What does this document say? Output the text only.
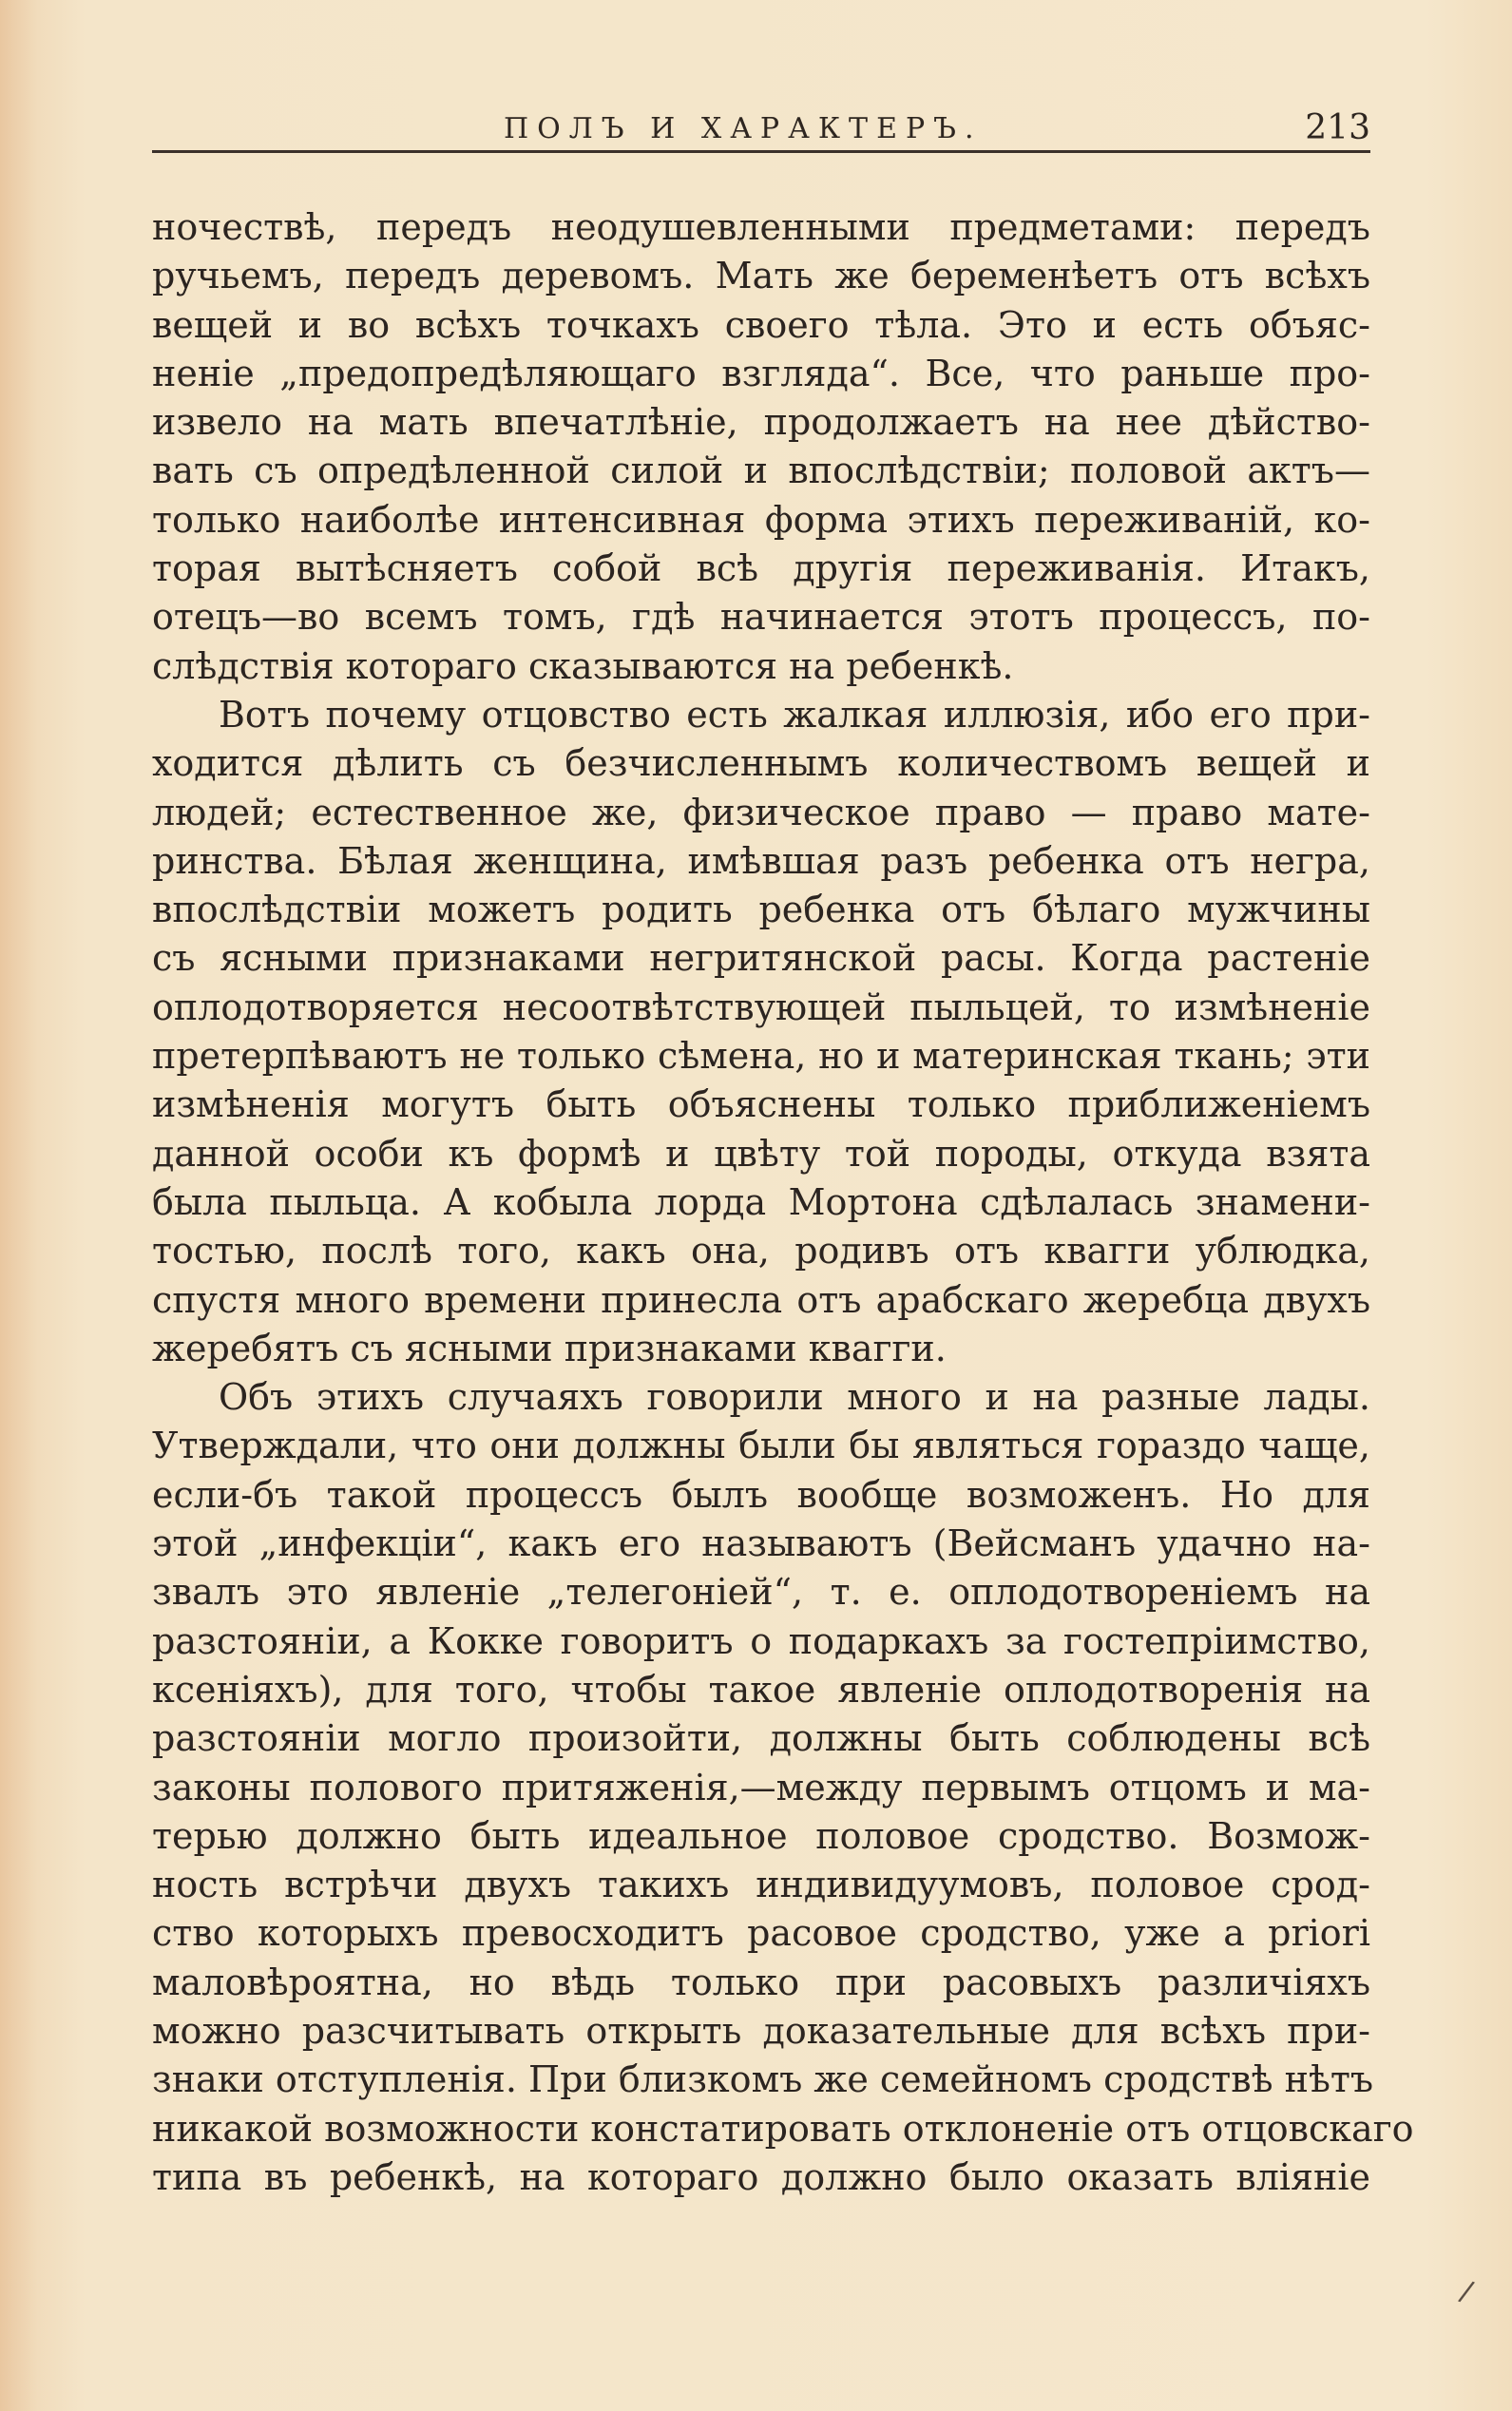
ПОЛЪ И ХАРАКТЕРЪ.	213
ночествѣ, передъ неодушевленными предметами: передъ
ручьемъ, передъ деревомъ. Мать же беременѣетъ отъ всѣхъ
вещей и во всѣхъ точкахъ своего тѣла. Это и есть объяс-
неніе „предопредѣляющаго взгляда“. Все, что раньше про-
извело на мать впечатлѣніе, продолжаетъ на нее дѣйство-
вать съ опредѣленной силой и впослѣдствіи; половой актъ—
только наиболѣе интенсивная форма этихъ переживаній, ко-
торая вытѣсняетъ собой всѣ другія переживанія. Итакъ,
отецъ—во всемъ томъ, гдѣ начинается этотъ процессъ, по-
слѣдствія котораго сказываются на ребенкѣ.
Вотъ почему отцовство есть жалкая иллюзія, ибо его при-
ходится дѣлить съ безчисленнымъ количествомъ вещей и
людей; естественное же, физическое право — право мате-
ринства. Бѣлая женщина, имѣвшая разъ ребенка отъ негра,
впослѣдствіи можетъ родить ребенка отъ бѣлаго мужчины
съ ясными признаками негритянской расы. Когда растеніе
оплодотворяется несоотвѣтствующей пыльцей, то измѣненіе
претерпѣваютъ не только сѣмена, но и материнская ткань; эти
измѣненія могутъ быть объяснены только приближеніемъ
данной особи къ формѣ и цвѣту той породы, откуда взята
была пыльца. А кобыла лорда Мортона сдѣлалась знамени-
тостью, послѣ того, какъ она, родивъ отъ квагги ублюдка,
спустя много времени принесла отъ арабскаго жеребца двухъ
жеребятъ съ ясными признаками квагги.
Объ этихъ случаяхъ говорили много и на разные лады.
Утверждали, что они должны были бы являться гораздо чаще,
если-бъ такой процессъ былъ вообще возможенъ. Но для
этой „инфекціи“, какъ его называютъ (Вейсманъ удачно на-
звалъ это явленіе „телегоніей“, т. е. оплодотвореніемъ на
разстояніи, а Кокке говоритъ о подаркахъ за гостепріимство,
ксеніяхъ), для того, чтобы такое явленіе оплодотворенія на
разстояніи могло произойти, должны быть соблюдены всѣ
законы полового притяженія,—между первымъ отцомъ и ма-
терью должно быть идеальное половое сродство. Возмож-
ность встрѣчи двухъ такихъ индивидуумовъ, половое срод-
ство которыхъ превосходитъ расовое сродство, уже a priori
маловѣроятна, но вѣдь только при расовыхъ различіяхъ
можно разсчитывать открыть доказательные для всѣхъ при-
знаки отступленія. При близкомъ же семейномъ сродствѣ нѣтъ
никакой возможности констатировать отклоненіе отъ отцовскаго
типа въ ребенкѣ, на котораго должно было оказать вліяніе
/
